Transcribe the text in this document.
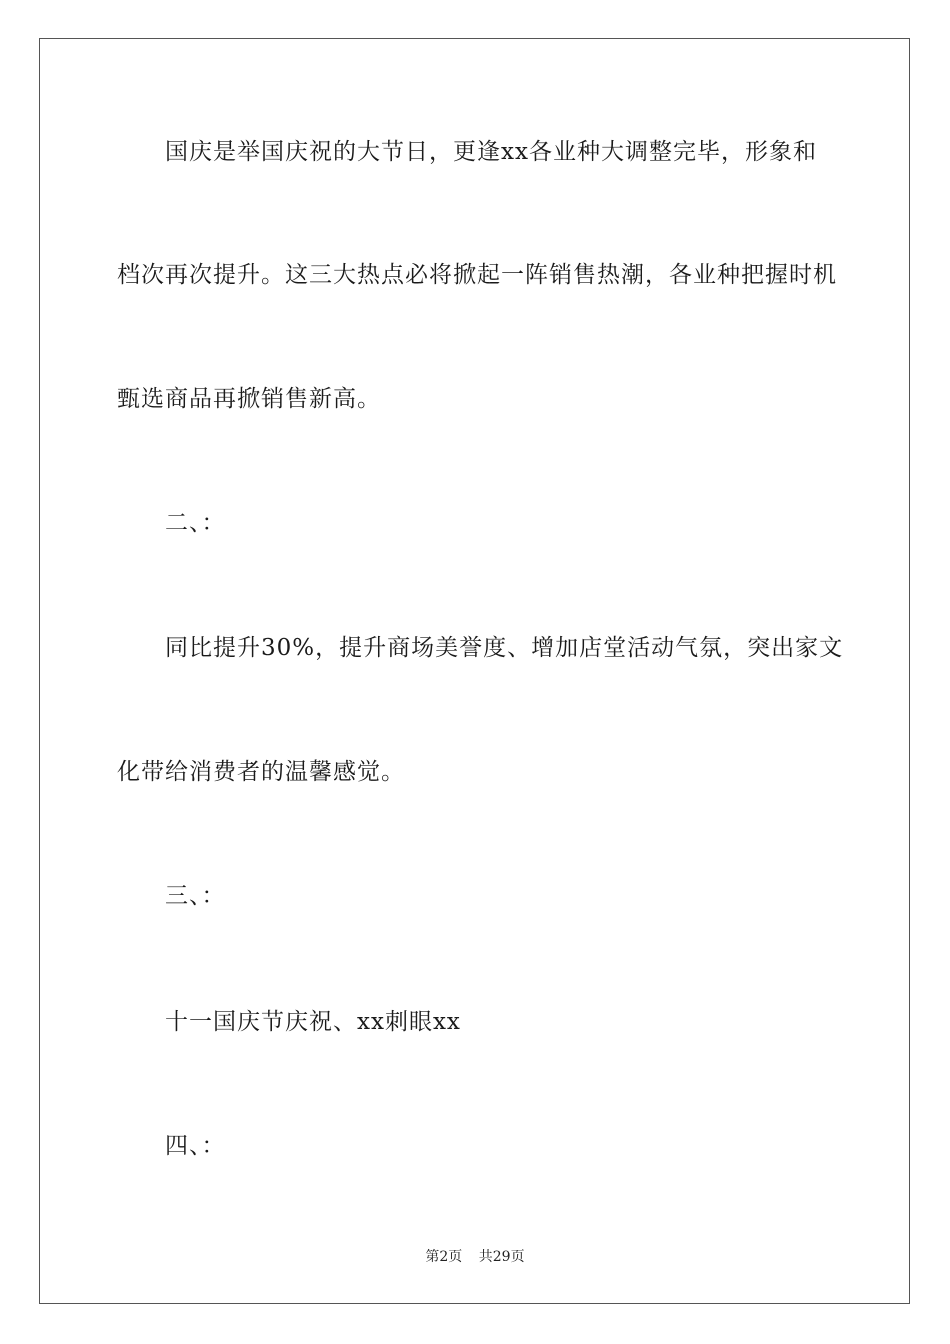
国庆是举国庆祝的大节日，更逢xx各业种大调整完毕，形象和
档次再次提升。这三大热点必将掀起一阵销售热潮，各业种把握时机
甄选商品再掀销售新高。
二、：
同比提升30%，提升商场美誉度、增加店堂活动气氛，突出家文
化带给消费者的温馨感觉。
三、：
十一国庆节庆祝、xx刺眼xx
四、：
第2页 共29页
